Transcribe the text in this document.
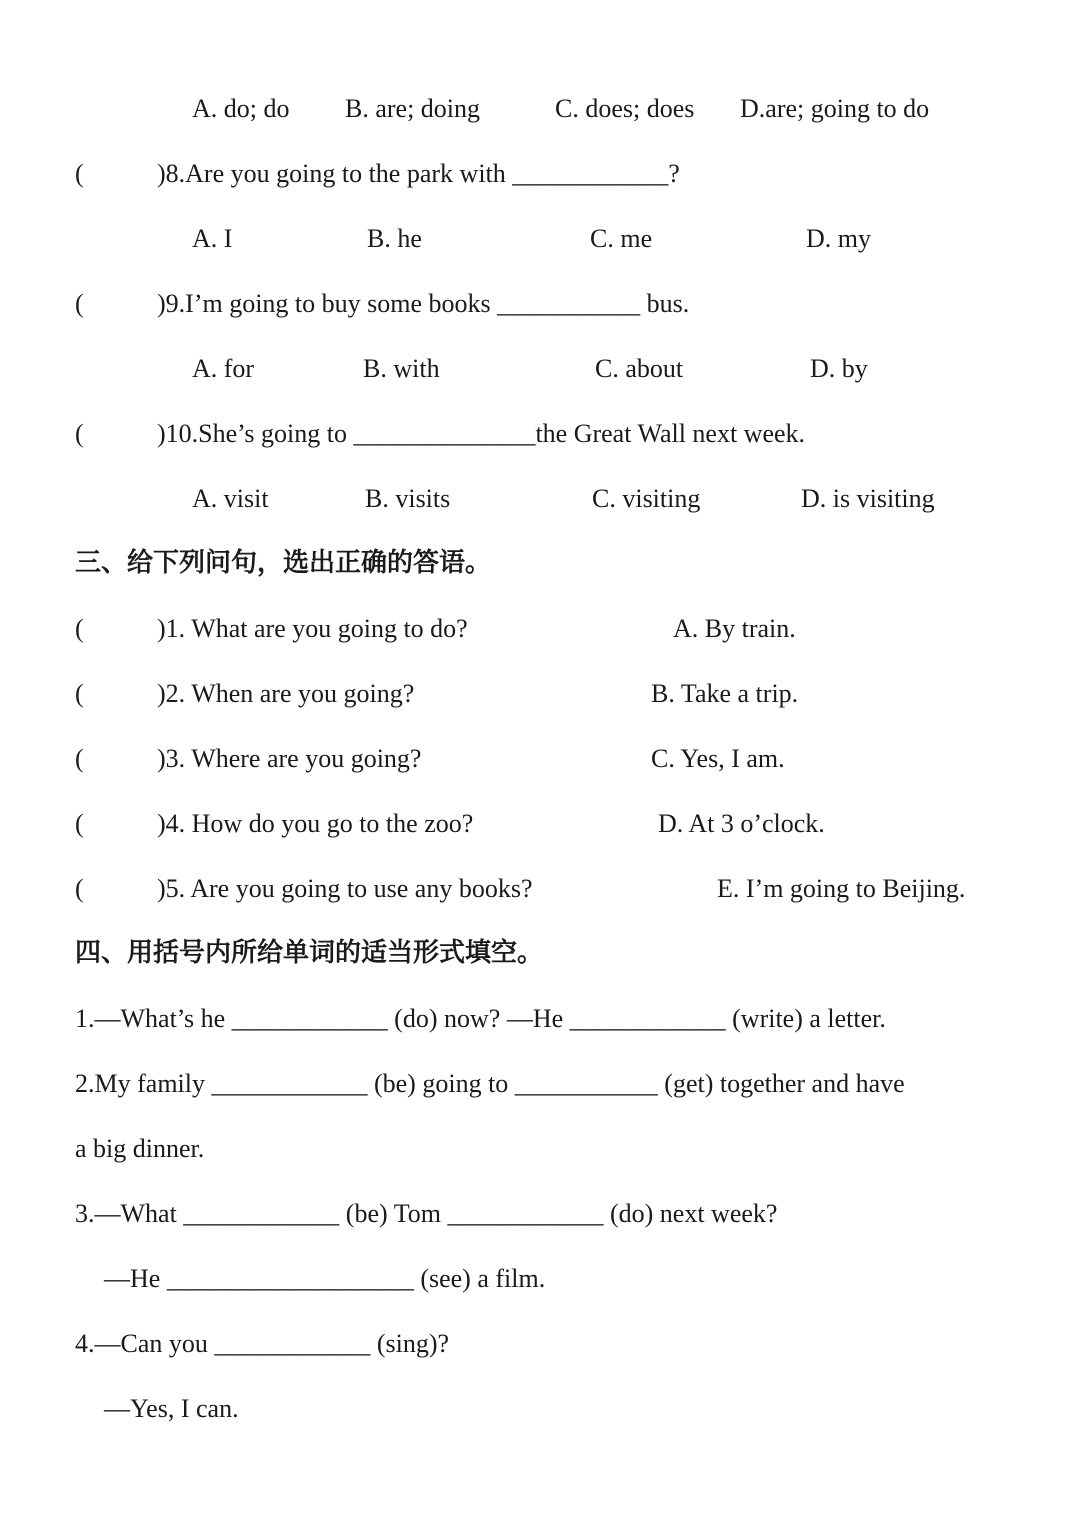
A. do; do B. are; doing	C. does; does D.are; going to do
(	)8.Are you going to the park with ____________?
A. I	B. he	C. me	D. my
(	)9.I’m going to buy some books ___________ bus.
A. for	B. with	C. about	D. by
(	)10.She’s going to ______________the Great Wall next week.
A. visit	B. visits	C. visiting	D. is visiting
三、给下列问句，选出正确的答语。
(	)1. What are you going to do?	A. By train.
(	)2. When are you going?	B. Take a trip.
(	)3. Where are you going?	C. Yes, I am.
(	)4. How do you go to the zoo?	D. At 3 o’clock.
(	)5. Are you going to use any books?	E. I’m going to Beijing.
四、用括号内所给单词的适当形式填空。
1.—What’s he ____________ (do) now? —He ____________ (write) a letter.
2.My family ____________ (be) going to ___________ (get) together and have
a big dinner.
3.—What ____________ (be) Tom ____________ (do) next week?
—He ___________________ (see) a film.
4.—Can you ____________ (sing)?
—Yes, I can.
